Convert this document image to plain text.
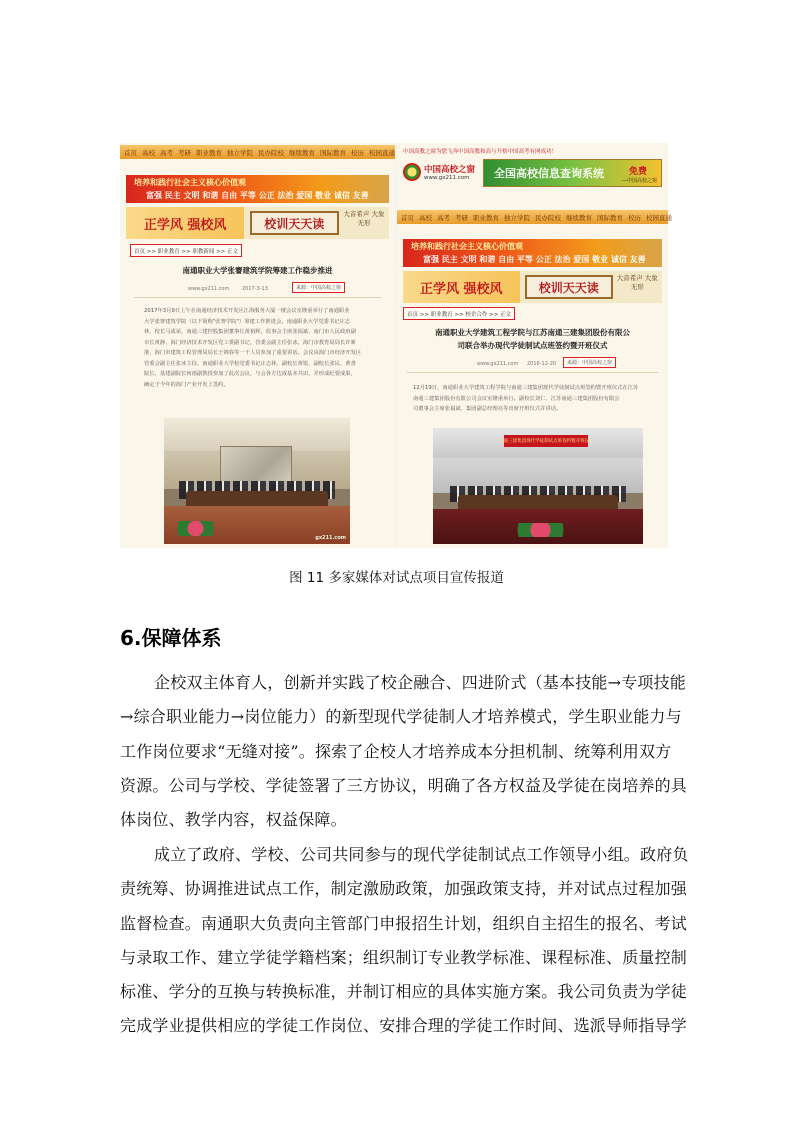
首页 高校 高考 考研 职业教育 独立学院 民办院校 继续教育 国际教育 校历 校园直通
培养和践行社会主义核心价值观
富强 民主 文明 和谐 自由 平等 公正 法治 爱国 敬业 诚信 友善
正学风 强校风	校训天天读
大音希声 大象无形
首页 >> 职业教育 >> 职教新闻 >> 正文
南通职业大学张謇建筑学院筹建工作稳步推进
www.gx211.com	2017-3-13	来源：中国高校之窗
2017年3月9日上午在南通经济技术开发区江海服务大厦一楼会议室隆重举行了南通职业
大学张謇建筑学院（以下简称"张謇学院"）筹建工作推进会。南通职业大学党委书记庄志
林、校长马成荣，南通三建控股集团董事长黄裕辉，监事会主席张福斌、南门市人民政府副
市长黄静、海门经济技术开发区党工委副书记，管委会副主任张冰，海门市教育局局长许新
港，海门市建筑工程管理局局长王锦春等一干人员参加了重要讲话。会议由海门市经济开发区
管委会副主任张冰主持。南通职业大学校党委书记庄志林、副校长黄锐、副校长张民、黄善
院长，基建副院长何雨副教授参加了此次会议，与会各方达成基本共识，并形成纪要成果，
确定于今年的海门产业开发上签约。
gx211.com
中国高教之窗为您飞奔中国高教和高与升格中国高考有网成功！
中国高校之窗
www.gx211.com 全国高校信息查询系统	免费
—中国高校之窗
首页 高校 高考 考研 职业教育 独立学院 民办院校 继续教育 国际教育 校历 校园直通
培养和践行社会主义核心价值观
富强 民主 文明 和谐 自由 平等 公正 法治 爱国 敬业 诚信 友善
正学风 强校风	校训天天读
大音希声 大象无形
首页 >> 职业教育 >> 校企合作 >> 正文
南通职业大学建筑工程学院与江苏南通三建集团股份有限公
司联合举办现代学徒制试点班签约暨开班仪式
www.gx211.com 2016-12-20	来源：中国高校之窗
12月19日，南通职业大学建筑工程学院与南通三建集团现代学徒制试点班签约暨开班仪式在江苏
南通三建集团股份有限公司会议室隆重举行。副校长刘仁、江苏南通三建集团股份有限公
司董事会主席张福斌、集团副总经理亮等出席开班仪式并讲话。
南通三建集团现代学徒制试点班签约暨开班仪式
图 11 多家媒体对试点项目宣传报道
6.保障体系
企校双主体育人，创新并实践了校企融合、四进阶式（基本技能→专项技能
→综合职业能力→岗位能力）的新型现代学徒制人才培养模式，学生职业能力与
工作岗位要求“无缝对接”。探索了企校人才培养成本分担机制、统筹利用双方
资源。公司与学校、学徒签署了三方协议，明确了各方权益及学徒在岗培养的具
体岗位、教学内容，权益保障。
成立了政府、学校、公司共同参与的现代学徒制试点工作领导小组。政府负
责统筹、协调推进试点工作，制定激励政策，加强政策支持，并对试点过程加强
监督检查。南通职大负责向主管部门申报招生计划，组织自主招生的报名、考试
与录取工作、建立学徒学籍档案；组织制订专业教学标准、课程标准、质量控制
标准、学分的互换与转换标准，并制订相应的具体实施方案。我公司负责为学徒
完成学业提供相应的学徒工作岗位、安排合理的学徒工作时间、选派导师指导学
